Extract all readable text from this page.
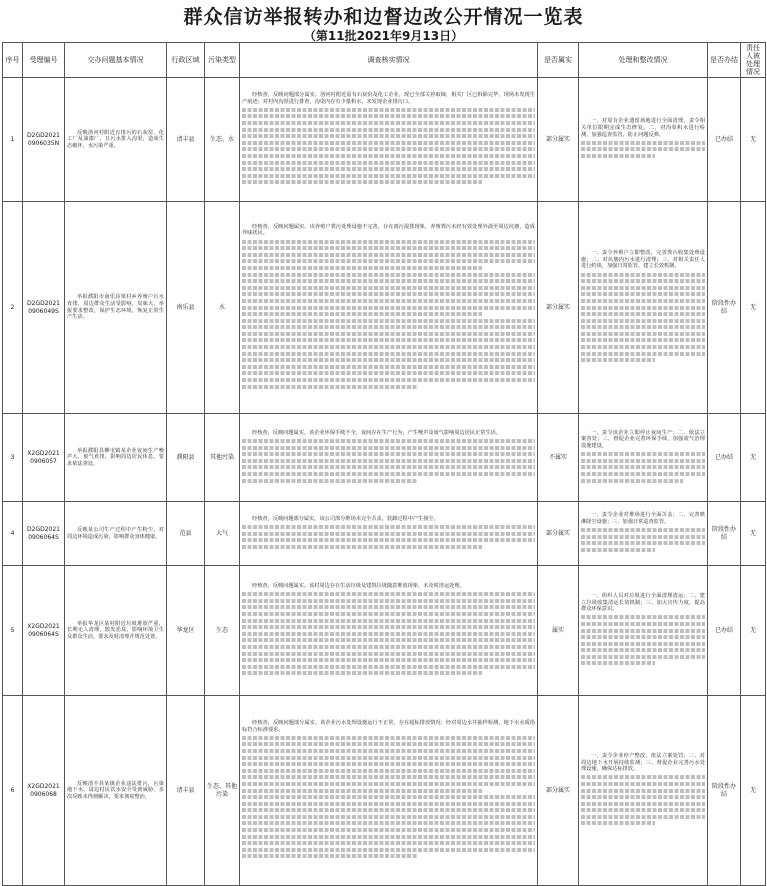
群众信访举报转办和边督边改公开情况一览表
（第11批2021年9月13日）
序号	受理编号	交办问题基本情况	行政区域	污染类型	调查核实情况	是否属实	处理和整改情况	是否办结	责任人被处理情况
1	D2GD2021 0906035N	反映洛河村附近有排污的石灰窑、化工厂及油漆厂，且污水排入沟渠，造成生态破坏，水污染严重。	清丰县	生态、水	经核查，反映问题部分属实。洛河村附近原有石灰窑及化工企业，现已全部关停取缔，相关厂区已拆除完毕，现场未发现生产痕迹；对村内沟渠进行排查，沟渠内存有少量积水，未发现企业排污口。	部分属实	一、对原有企业遗留场地进行全面清理，责令相关单位限期完成生态修复。二、对沟渠积水进行检测，加强巡查监管，防止问题反弹。	已办结	无
2	D2GD2021 0906049S	举报濮阳市南乐县梁村乡养殖户污水直排，周边群众生活受影响，臭味大，举报要求整改，保护生态环境，恢复正常生产生活。	南乐县	水	经核查，反映问题属实。该养殖户粪污处理设施不完善，存在雨污混排现象，养殖粪污未经有效处理外溢至周边坑塘，造成异味扰民。	部分属实	一、责令养殖户立即整改，完善粪污收集处理设施；二、对坑塘内污水进行清理；三、对相关责任人进行约谈，加强日常监管，建立长效机制。	阶段性办结	无
3	X2GD2021 0906057	举报濮阳县柳屯镇某企业夜间生产噪声大，废气直排，影响周边居民休息，要求依法查处。	濮阳县	其他污染	经核查，反映问题属实。该企业环保手续不全，夜间存在生产行为，产生噪声及废气影响周边居民正常生活。	不属实	一、责令该企业立即停止夜间生产；二、依法立案查处；三、督促企业完善环保手续，加强废气治理设施建设。	已办结	无
4	D2GD2021 0906064S	反映某公司生产过程中产生粉尘，对周边环境造成污染，影响群众身体健康。	范县	大气	经核查，反映问题部分属实。该公司部分堆场未完全苫盖，装卸过程中产生扬尘。	部分属实	一、责令企业对堆场进行全面苫盖；二、完善喷淋降尘设施；三、加强日常巡查监管。	阶段性办结	无
5	X2GD2021 0906064S	举报华龙区某村附近垃圾堆放严重，长期无人清理，散发恶臭，影响环境卫生及群众生活，要求及时清理并规范处置。	华龙区	生态	经核查，反映问题属实。该村周边存在生活垃圾及建筑垃圾随意堆放现象，未及时清运处理。	属实	一、组织人员对垃圾进行全面清理清运；二、建立垃圾收集清运长效机制；三、加大宣传力度，提高群众环保意识。	已办结	无
6	X2GD2021 0906068	反映清丰县某镇企业违法排污，污染地下水，周边村民饮水安全受到威胁，多次反映未得到解决，要求彻底整治。	清丰县	生态、其他污染	经核查，反映问题部分属实。该企业污水处理设施运行不正常，存在超标排放情况；经对周边水井抽样检测，地下水水质指标符合标准要求。	部分属实	一、责令企业停产整改，依法立案处罚；二、对周边地下水开展持续监测；三、督促企业完善污水处理设施，确保达标排放。	阶段性办结	无
